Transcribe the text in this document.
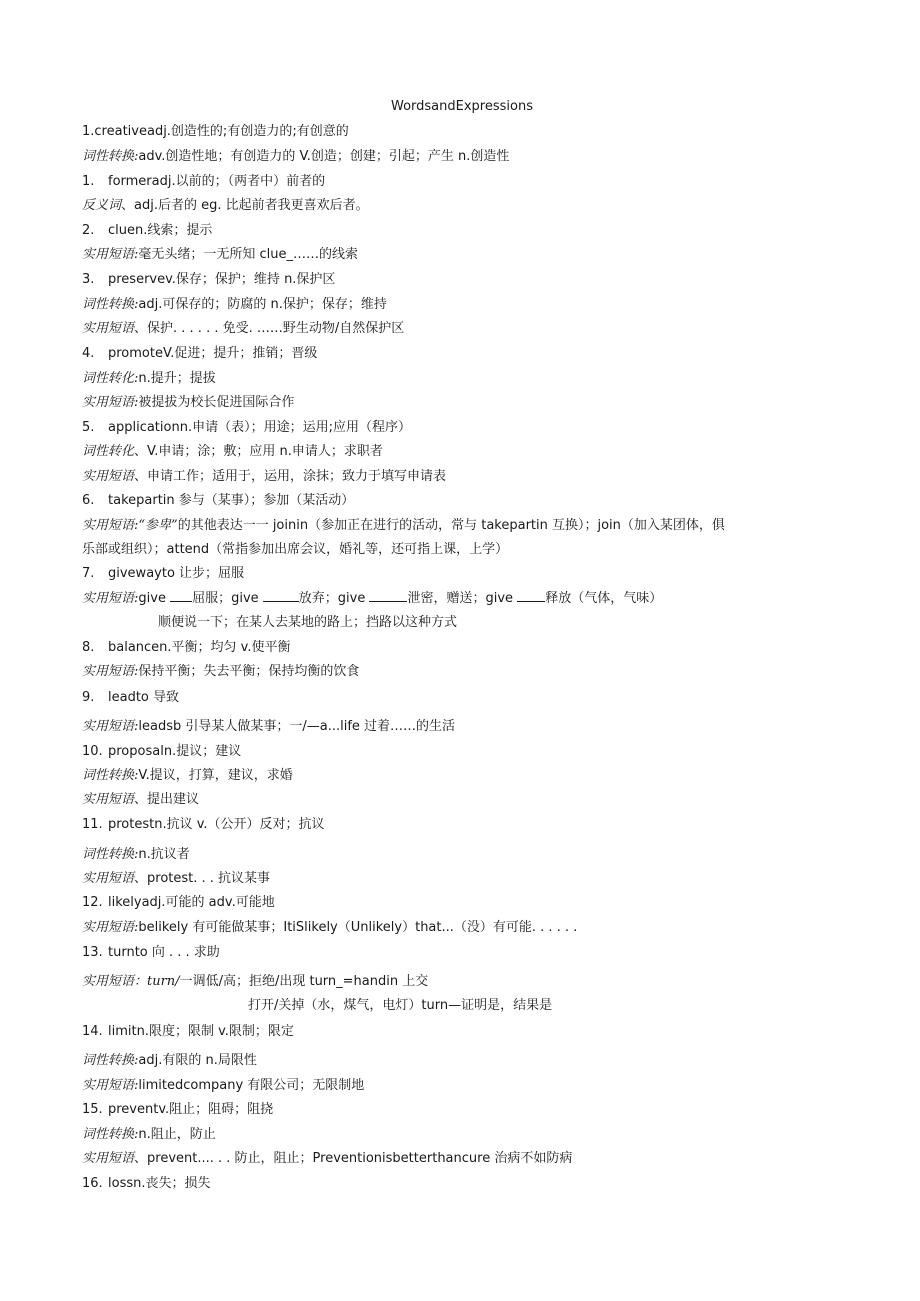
WordsandExpressions
1.creativeadj.创造性的;有创造力的;有创意的
词性转换:adv.创造性地；有创造力的 V.创造；创建；引起；产生 n.创造性
1. formeradj.以前的；（两者中）前者的
反义词、adj.后者的 eg. 比起前者我更喜欢后者。
2. cluen.线索；提示
实用短语:毫无头绪；一无所知 clue_……的线索
3. preservev.保存；保护；维持 n.保护区
词性转换:adj.可保存的；防腐的 n.保护；保存；维持
实用短语、保护. . . . . . 免受. ……野生动物/自然保护区
4. promoteV.促进；提升；推销；晋级
词性转化:n.提升；提拔
实用短语:被提拔为校长促进国际合作
5. applicationn.申请（表）；用途；运用;应用（程序）
词性转化、V.申请；涂；敷；应用 n.申请人；求职者
实用短语、申请工作；适用于，运用，涂抹；致力于填写申请表
6. takepartin 参与（某事）；参加（某活动）
实用短语:“参卑”的其他表达一一 joinin（参加正在进行的活动，常与 takepartin 互换）；join（加入某团体，俱
乐部或组织）；attend（常指参加出席会议，婚礼等，还可指上课，上学）
7. givewayto 让步；屈服
实用短语:give 屈服；give	放弃；give	泄密，赠送；give 释放（气体，气味）
顺便说一下；在某人去某地的路上；挡路以这种方式
8. balancen.平衡；均匀 v.使平衡
实用短语:保持平衡；失去平衡；保持均衡的饮食
9. leadto 导致
实用短语:leadsb 引导某人做某事；一/—a...life 过着……的生活
10. proposaln.提议；建议
词性转换:V.提议，打算，建议，求婚
实用短语、提出建议
11. protestn.抗议 v.（公开）反对；抗议
词性转换:n.抗议者
实用短语、protest. . . 抗议某事
12. likelyadj.可能的 adv.可能地
实用短语:belikely 有可能做某事；ItiSlikely（Unlikely）that...（没）有可能. . . . . .
13. turnto 向 . . . 求助
实用短语：turn/一调低/高；拒绝/出现 turn_=handin 上交
打开/关掉（水，煤气，电灯）turn—证明是，结果是
14. limitn.限度；限制 v.限制；限定
词性转换:adj.有限的 n.局限性
实用短语:limitedcompany 有限公司；无限制地
15. preventv.阻止；阻碍；阻挠
词性转换:n.阻止，防止
实用短语、prevent.... . . 防止，阻止；Preventionisbetterthancure 治病不如防病
16. lossn.丧失；损失
